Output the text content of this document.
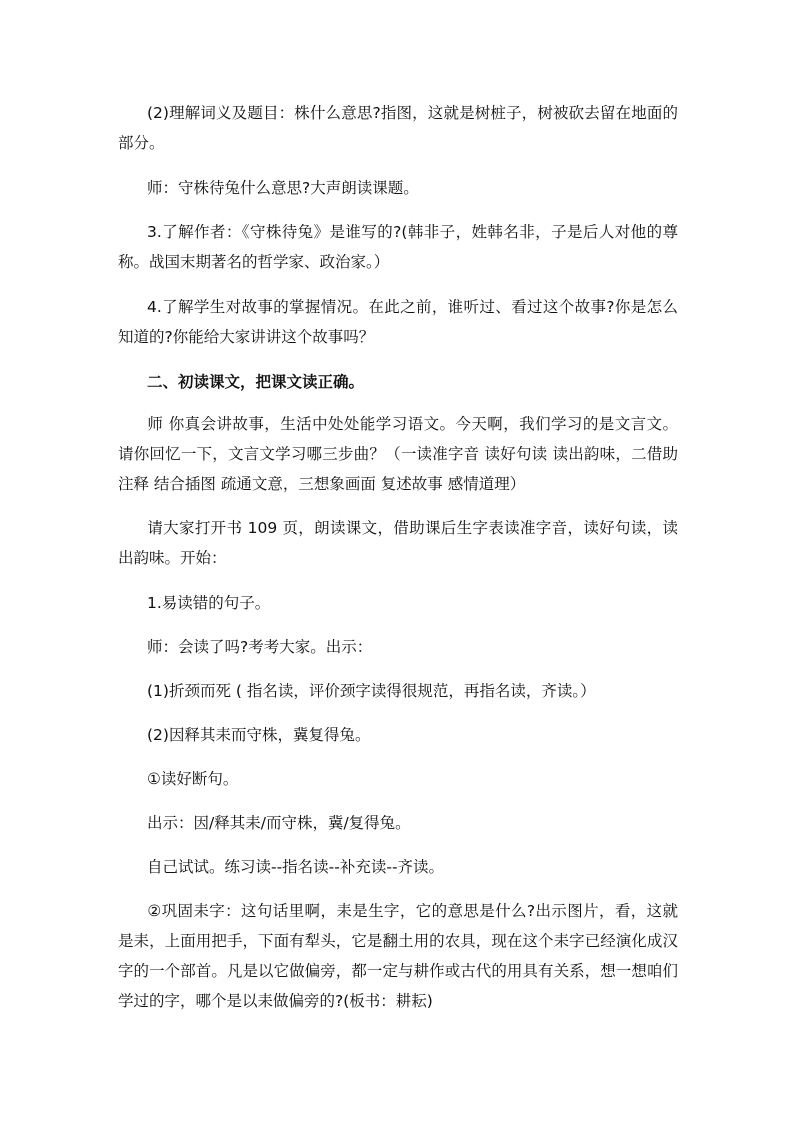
(2)理解词义及题目：株什么意思?指图，这就是树桩子，树被砍去留在地面的部分。

师：守株待兔什么意思?大声朗读课题。

3.了解作者：《守株待兔》是谁写的?(韩非子，姓韩名非，子是后人对他的尊称。战国末期著名的哲学家、政治家。）

4.了解学生对故事的掌握情况。在此之前，谁听过、看过这个故事?你是怎么知道的?你能给大家讲讲这个故事吗？

二、初读课文，把课文读正确。

师 你真会讲故事，生活中处处能学习语文。今天啊，我们学习的是文言文。请你回忆一下，文言文学习哪三步曲？（一读准字音 读好句读 读出韵味，二借助注释 结合插图 疏通文意，三想象画面 复述故事 感情道理）

请大家打开书 109 页，朗读课文，借助课后生字表读准字音，读好句读，读出韵味。开始：

1.易读错的句子。

师：会读了吗?考考大家。出示：

(1)折颈而死 ( 指名读，评价颈字读得很规范，再指名读，齐读。）

(2)因释其耒而守株，冀复得兔。

①读好断句。

出示：因/释其耒/而守株，冀/复得兔。

自己试试。练习读--指名读--补充读--齐读。

②巩固耒字：这句话里啊，耒是生字，它的意思是什么?出示图片，看，这就是耒，上面用把手，下面有犁头，它是翻土用的农具，现在这个耒字已经演化成汉字的一个部首。凡是以它做偏旁，都一定与耕作或古代的用具有关系，想一想咱们学过的字，哪个是以耒做偏旁的?(板书：耕耘)
